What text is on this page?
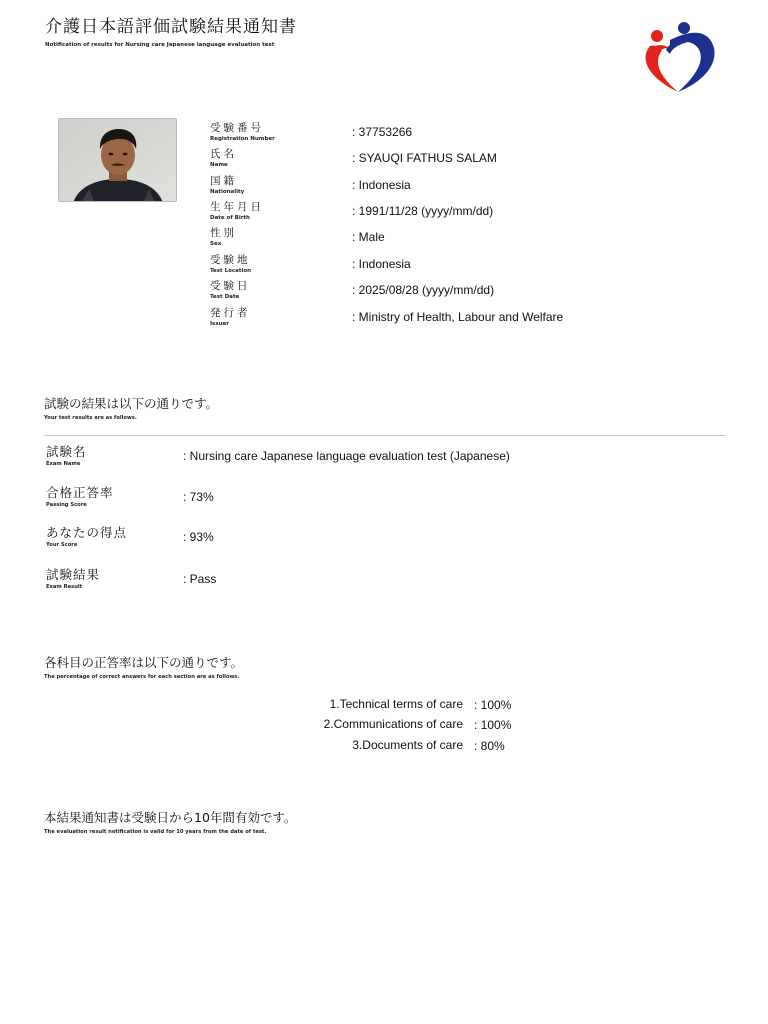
介護日本語評価試験結果通知書
Notification of results for Nursing care Japanese language evaluation test
受験番号
Registration Number	: 37753266
氏名
Name	: SYAUQI FATHUS SALAM
国籍
Nationality	: Indonesia
生年月日
Date of Birth	: 1991/11/28 (yyyy/mm/dd)
性別
Sex	: Male
受験地
Test Location	: Indonesia
受験日
Test Date	: 2025/08/28 (yyyy/mm/dd)
発行者
Issuer	: Ministry of Health, Labour and Welfare
試験の結果は以下の通りです。
Your test results are as follows.
試験名
Exam Name
: Nursing care Japanese language evaluation test (Japanese)
合格正答率
Passing Score
: 73%
あなたの得点
Your Score
: 93%
試験結果
Exam Result
: Pass
各科目の正答率は以下の通りです。
The percentage of correct answers for each section are as follows.
1.Technical terms of care : 100%
2.Communications of care : 100%
3.Documents of care : 80%
本結果通知書は受験日から10年間有効です。
The evaluation result notification is valid for 10 years from the date of test.
